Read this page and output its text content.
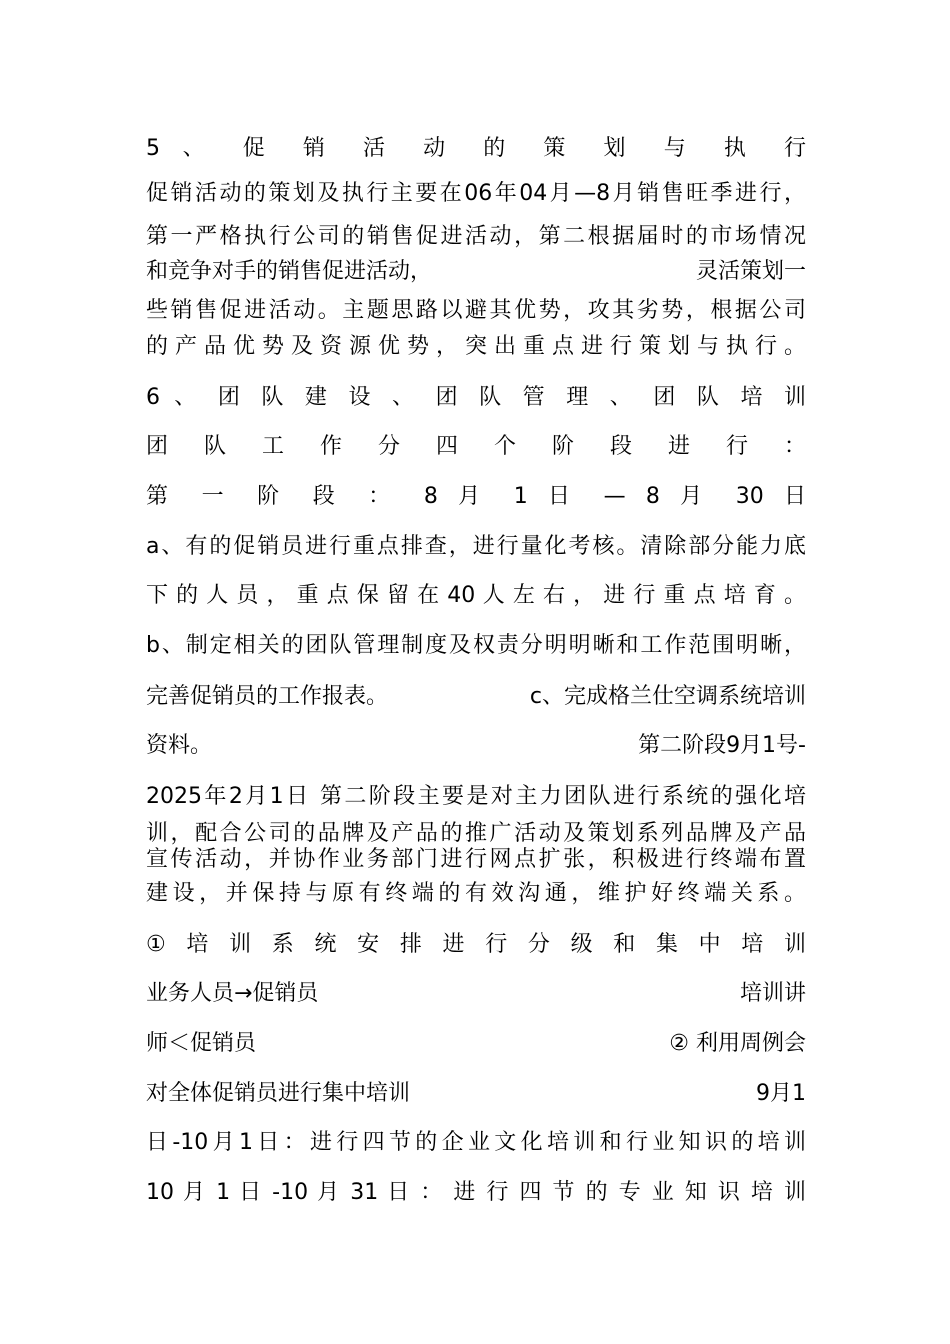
5 、 促 销 活 动 的 策 划 与 执 行
促销活动的策划及执行主要在06年04月—8月销售旺季进行，
第一严格执行公司的销售促进活动，第二根据届时的市场情况
和竞争对手的销售促进活动，	灵活策划一
些销售促进活动。主题思路以避其优势，攻其劣势，根据公司
的 产 品 优 势 及 资 源 优 势 ， 突 出 重 点 进 行 策 划 与 执 行 。
6 、 团 队 建 设 、 团 队 管 理 、 团 队 培 训
团 队 工 作 分 四 个 阶 段 进 行 ：
第 一 阶 段 ： 8 月 1 日 — 8 月 30 日
a、有的促销员进行重点排查，进行量化考核。清除部分能力底
下 的 人 员 ， 重 点 保 留 在 40 人 左 右 ， 进 行 重 点 培 育 。
b、制定相关的团队管理制度及权责分明明晰和工作范围明晰，
完善促销员的工作报表。	c、完成格兰仕空调系统培训
资料。	第二阶段9月1号-
2025年2月1日 第二阶段主要是对主力团队进行系统的强化培
训，配合公司的品牌及产品的推广活动及策划系列品牌及产品
宣传活动，并协作业务部门进行网点扩张，积极进行终端布置
建设，并保持与原有终端的有效沟通，维护好终端关系。
① 培 训 系 统 安 排 进 行 分 级 和 集 中 培 训
业务人员→促销员	培训讲
师＜促销员	② 利用周例会
对全体促销员进行集中培训	9月1
日-10月1日：进行四节的企业文化培训和行业知识的培训
10 月 1 日 -10 月 31 日 ： 进 行 四 节 的 专 业 知 识 培 训
